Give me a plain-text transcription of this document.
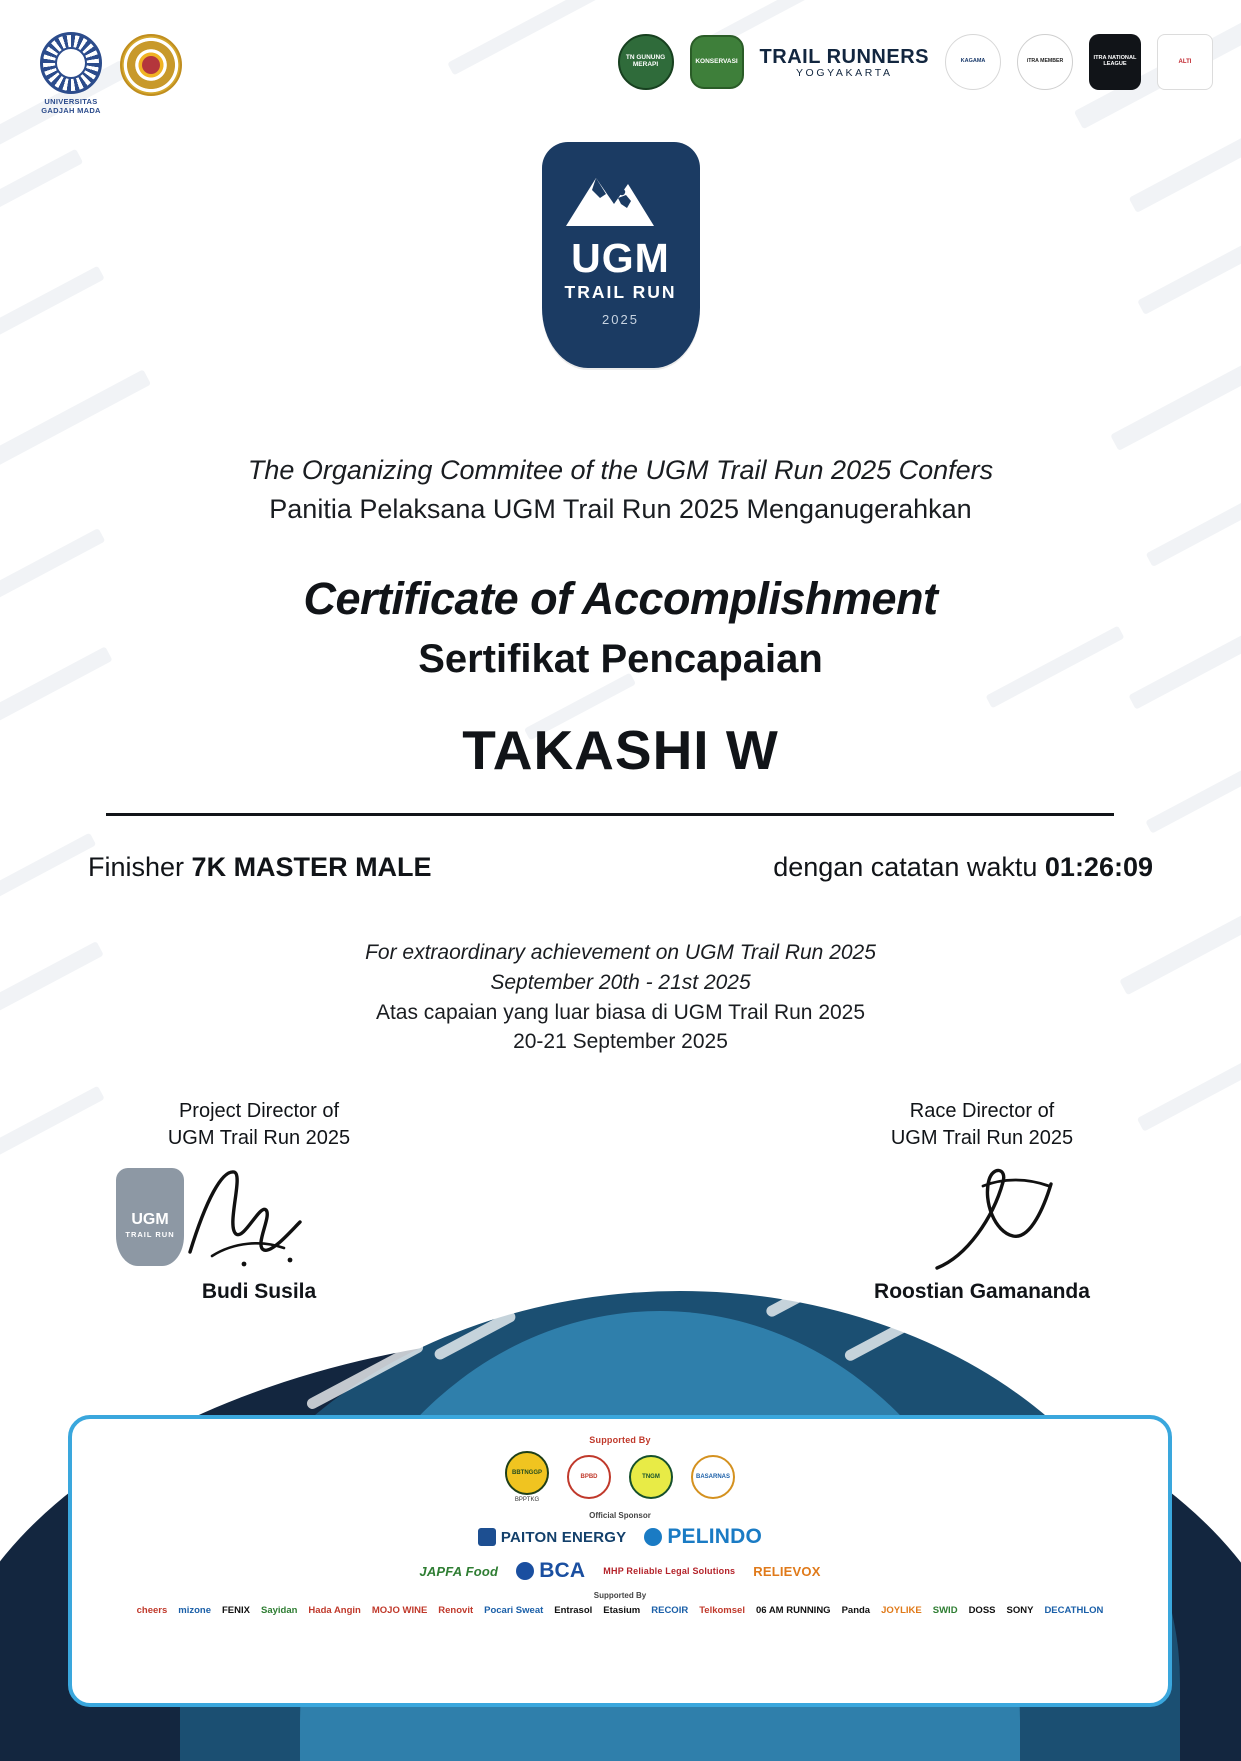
UNIVERSITAS GADJAH MADA
TN GUNUNG MERAPI	KONSERVASI TRAIL RUNNERS
YOGYAKARTA
KAGAMA	iTRA MEMBER
ITRA NATIONAL LEAGUE	ALTI
UGM
TRAIL RUN
2025
The Organizing Commitee of the UGM Trail Run 2025 Confers
Panitia Pelaksana UGM Trail Run 2025 Menganugerahkan
Certificate of Accomplishment
Sertifikat Pencapaian
TAKASHI W
Finisher 7K MASTER MALE	dengan catatan waktu 01:26:09
For extraordinary achievement on UGM Trail Run 2025
September 20th - 21st 2025
Atas capaian yang luar biasa di UGM Trail Run 2025
20-21 September 2025
Project Director of
UGM Trail Run 2025
UGM
TRAIL RUN
Budi Susila
Race Director of
UGM Trail Run 2025
Roostian Gamananda
Supported By
BBTNGGP
BPPTKG
BPBD	TNGM	BASARNAS
Official Sponsor
PAITON ENERGY PELINDO
JAPFA Food BCA MHP Reliable Legal Solutions RELIEVOX
Supported By
cheers mizone FENIX Sayidan Hada Angin MOJO WINE Renovit Pocari Sweat Entrasol Etasium RECOIR Telkomsel 06 AM RUNNING Panda JOYLIKE SWID DOSS SONY DECATHLON
